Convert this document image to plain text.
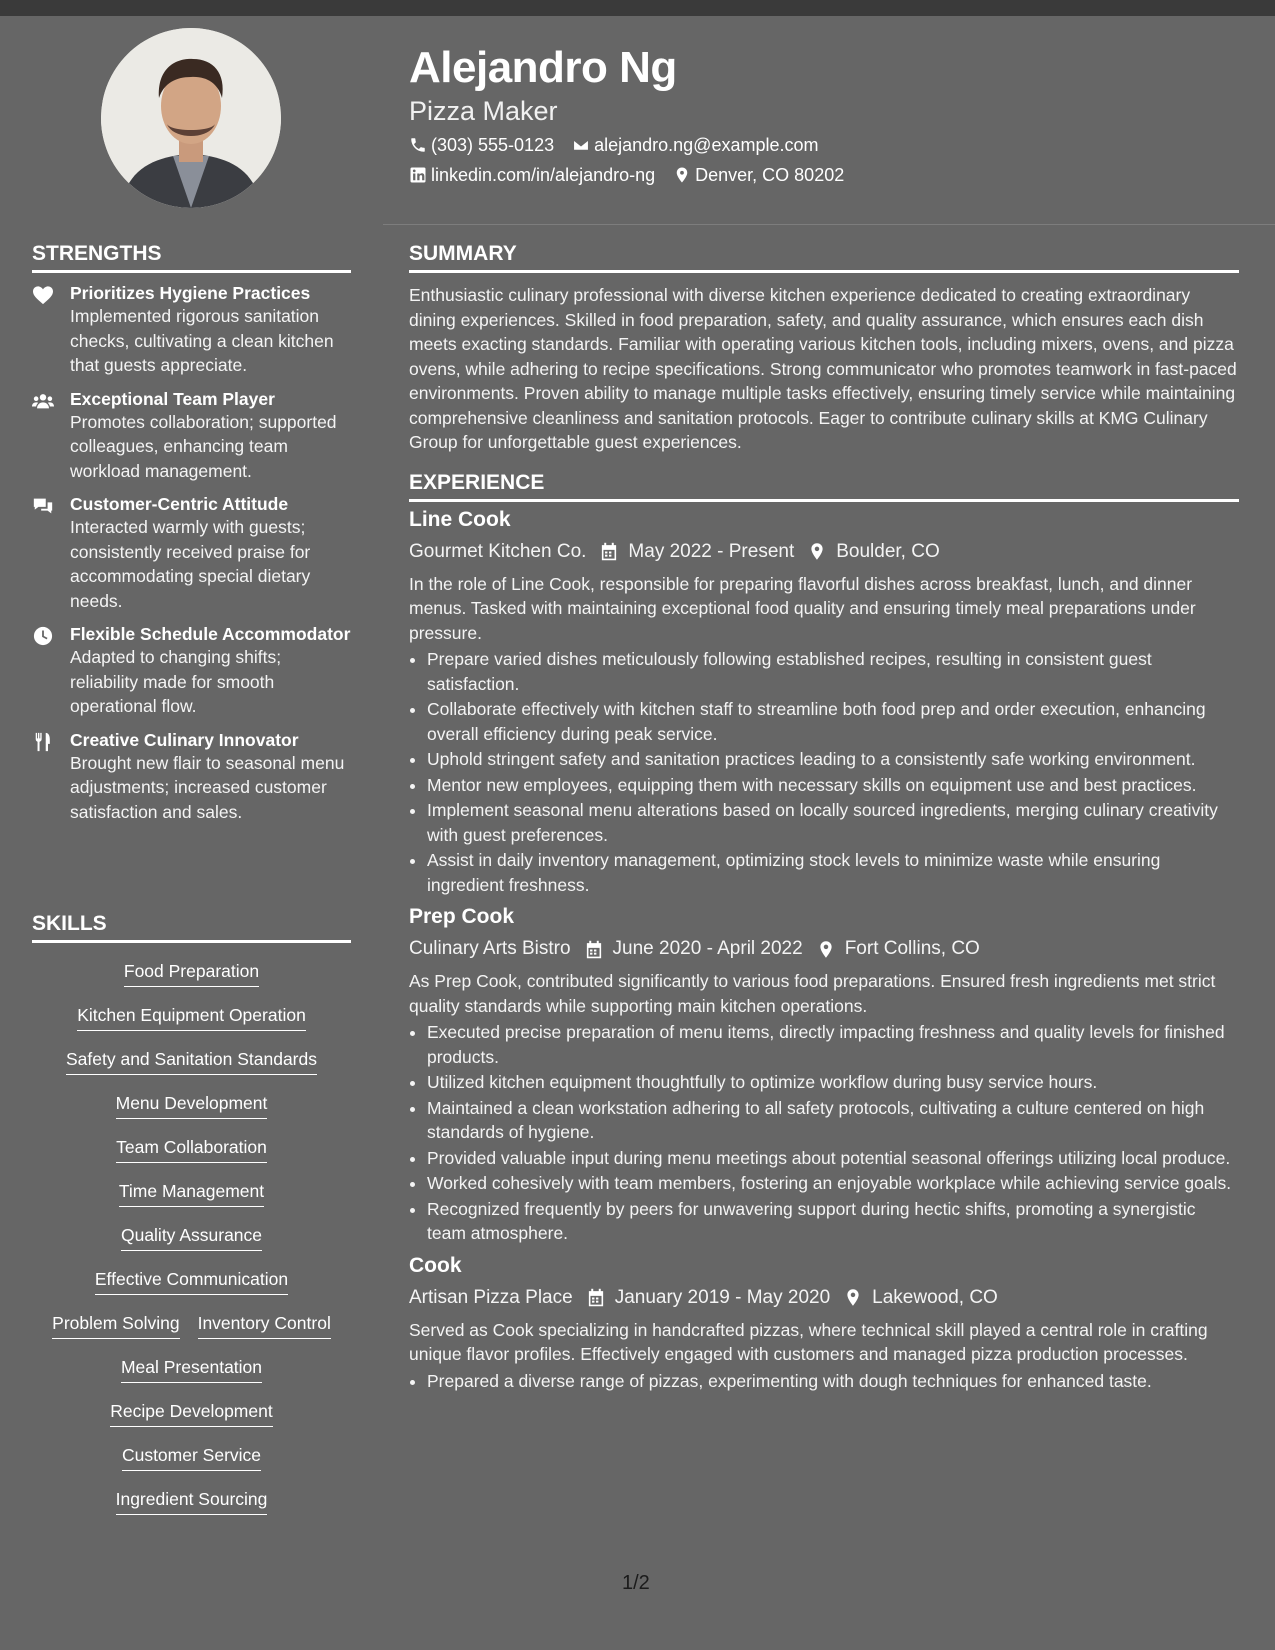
Alejandro Ng
Pizza Maker
(303) 555-0123 alejandro.ng@example.com
linkedin.com/in/alejandro-ng Denver, CO 80202
STRENGTHS
Prioritizes Hygiene Practices
Implemented rigorous sanitation checks, cultivating a clean kitchen that guests appreciate.
Exceptional Team Player
Promotes collaboration; supported colleagues, enhancing team workload management.
Customer-Centric Attitude
Interacted warmly with guests; consistently received praise for accommodating special dietary needs.
Flexible Schedule Accommodator
Adapted to changing shifts; reliability made for smooth operational flow.
Creative Culinary Innovator
Brought new flair to seasonal menu adjustments; increased customer satisfaction and sales.
SKILLS
Food Preparation
Kitchen Equipment Operation
Safety and Sanitation Standards
Menu Development
Team Collaboration
Time Management
Quality Assurance
Effective Communication
Problem Solving Inventory Control
Meal Presentation
Recipe Development
Customer Service
Ingredient Sourcing
SUMMARY
Enthusiastic culinary professional with diverse kitchen experience dedicated to creating extraordinary dining experiences. Skilled in food preparation, safety, and quality assurance, which ensures each dish meets exacting standards. Familiar with operating various kitchen tools, including mixers, ovens, and pizza ovens, while adhering to recipe specifications. Strong communicator who promotes teamwork in fast-paced environments. Proven ability to manage multiple tasks effectively, ensuring timely service while maintaining comprehensive cleanliness and sanitation protocols. Eager to contribute culinary skills at KMG Culinary Group for unforgettable guest experiences.
EXPERIENCE
Line Cook
Gourmet Kitchen Co. May 2022 - Present Boulder, CO
In the role of Line Cook, responsible for preparing flavorful dishes across breakfast, lunch, and dinner menus. Tasked with maintaining exceptional food quality and ensuring timely meal preparations under pressure.
• Prepare varied dishes meticulously following established recipes, resulting in consistent guest satisfaction.
• Collaborate effectively with kitchen staff to streamline both food prep and order execution, enhancing overall efficiency during peak service.
• Uphold stringent safety and sanitation practices leading to a consistently safe working environment.
• Mentor new employees, equipping them with necessary skills on equipment use and best practices.
• Implement seasonal menu alterations based on locally sourced ingredients, merging culinary creativity with guest preferences.
• Assist in daily inventory management, optimizing stock levels to minimize waste while ensuring ingredient freshness.
Prep Cook
Culinary Arts Bistro June 2020 - April 2022 Fort Collins, CO
As Prep Cook, contributed significantly to various food preparations. Ensured fresh ingredients met strict quality standards while supporting main kitchen operations.
• Executed precise preparation of menu items, directly impacting freshness and quality levels for finished products.
• Utilized kitchen equipment thoughtfully to optimize workflow during busy service hours.
• Maintained a clean workstation adhering to all safety protocols, cultivating a culture centered on high standards of hygiene.
• Provided valuable input during menu meetings about potential seasonal offerings utilizing local produce.
• Worked cohesively with team members, fostering an enjoyable workplace while achieving service goals.
• Recognized frequently by peers for unwavering support during hectic shifts, promoting a synergistic team atmosphere.
Cook
Artisan Pizza Place January 2019 - May 2020 Lakewood, CO
Served as Cook specializing in handcrafted pizzas, where technical skill played a central role in crafting unique flavor profiles. Effectively engaged with customers and managed pizza production processes.
• Prepared a diverse range of pizzas, experimenting with dough techniques for enhanced taste.
1/2
